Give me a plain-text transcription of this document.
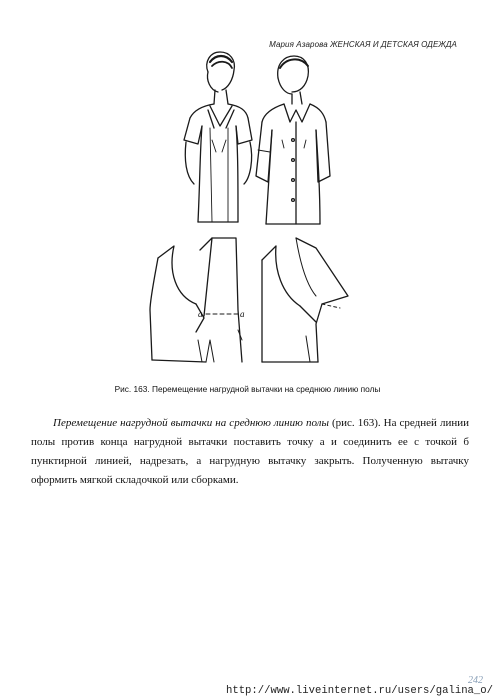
Мария Азарова ЖЕНСКАЯ И ДЕТСКАЯ ОДЕЖДА
а	а
Рис. 163. Перемещение нагрудной вытачки на среднюю линию полы

Перемещение нагрудной вытачки на среднюю линию полы (рис. 163). На средней линии полы против конца нагрудной вытачки поставить точку а и соединить ее с точкой б пунктирной линией, надрезать, а нагрудную вытачку закрыть. Полученную вытачку оформить мягкой складочкой или сборками.

242
http://www.liveinternet.ru/users/galina_o/
